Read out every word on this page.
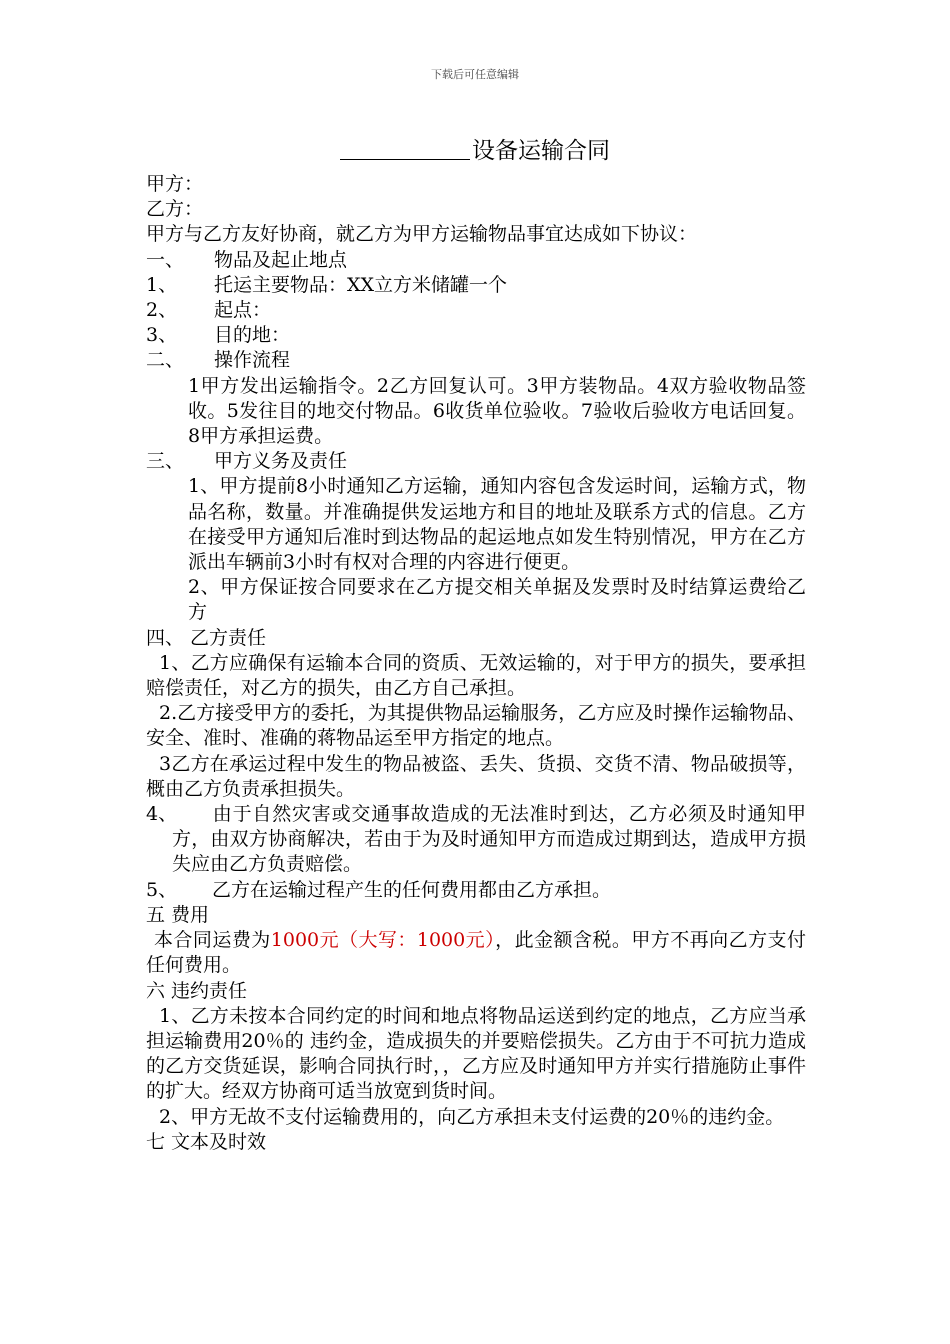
下载后可任意编辑
设备运输合同

甲方：

乙方：

甲方与乙方友好协商，就乙方为甲方运输物品事宜达成如下协议：

一、 物品及起止地点

1、 托运主要物品：XX立方米储罐一个

2、 起点：

3、 目的地：

二、 操作流程

1甲方发出运输指令。2乙方回复认可。3甲方装物品。4双方验收物品签收。5发往目的地交付物品。6收货单位验收。7验收后验收方电话回复。8甲方承担运费。

三、 甲方义务及责任

1、甲方提前8小时通知乙方运输，通知内容包含发运时间，运输方式，物品名称，数量。并准确提供发运地方和目的地址及联系方式的信息。乙方在接受甲方通知后准时到达物品的起运地点如发生特别情况，甲方在乙方派出车辆前3小时有权对合理的内容进行便更。

2、甲方保证按合同要求在乙方提交相关单据及发票时及时结算运费给乙方

四、 乙方责任

1、乙方应确保有运输本合同的资质、无效运输的，对于甲方的损失，要承担赔偿责任，对乙方的损失，由乙方自己承担。

2.乙方接受甲方的委托，为其提供物品运输服务，乙方应及时操作运输物品、安全、准时、准确的蒋物品运至甲方指定的地点。

3乙方在承运过程中发生的物品被盗、丢失、货损、交货不清、物品破损等，概由乙方负责承担损失。

4、 由于自然灾害或交通事故造成的无法准时到达，乙方必须及时通知甲方，由双方协商解决，若由于为及时通知甲方而造成过期到达，造成甲方损失应由乙方负责赔偿。

5、 乙方在运输过程产生的任何费用都由乙方承担。

五 费用

本合同运费为1000元（大写：1000元），此金额含税。甲方不再向乙方支付任何费用。

六 违约责任

1、乙方未按本合同约定的时间和地点将物品运送到约定的地点，乙方应当承担运输费用20％的 违约金，造成损失的并要赔偿损失。乙方由于不可抗力造成的乙方交货延误，影响合同执行时，，乙方应及时通知甲方并实行措施防止事件的扩大。经双方协商可适当放宽到货时间。

2、甲方无故不支付运输费用的，向乙方承担未支付运费的20％的违约金。

七 文本及时效
